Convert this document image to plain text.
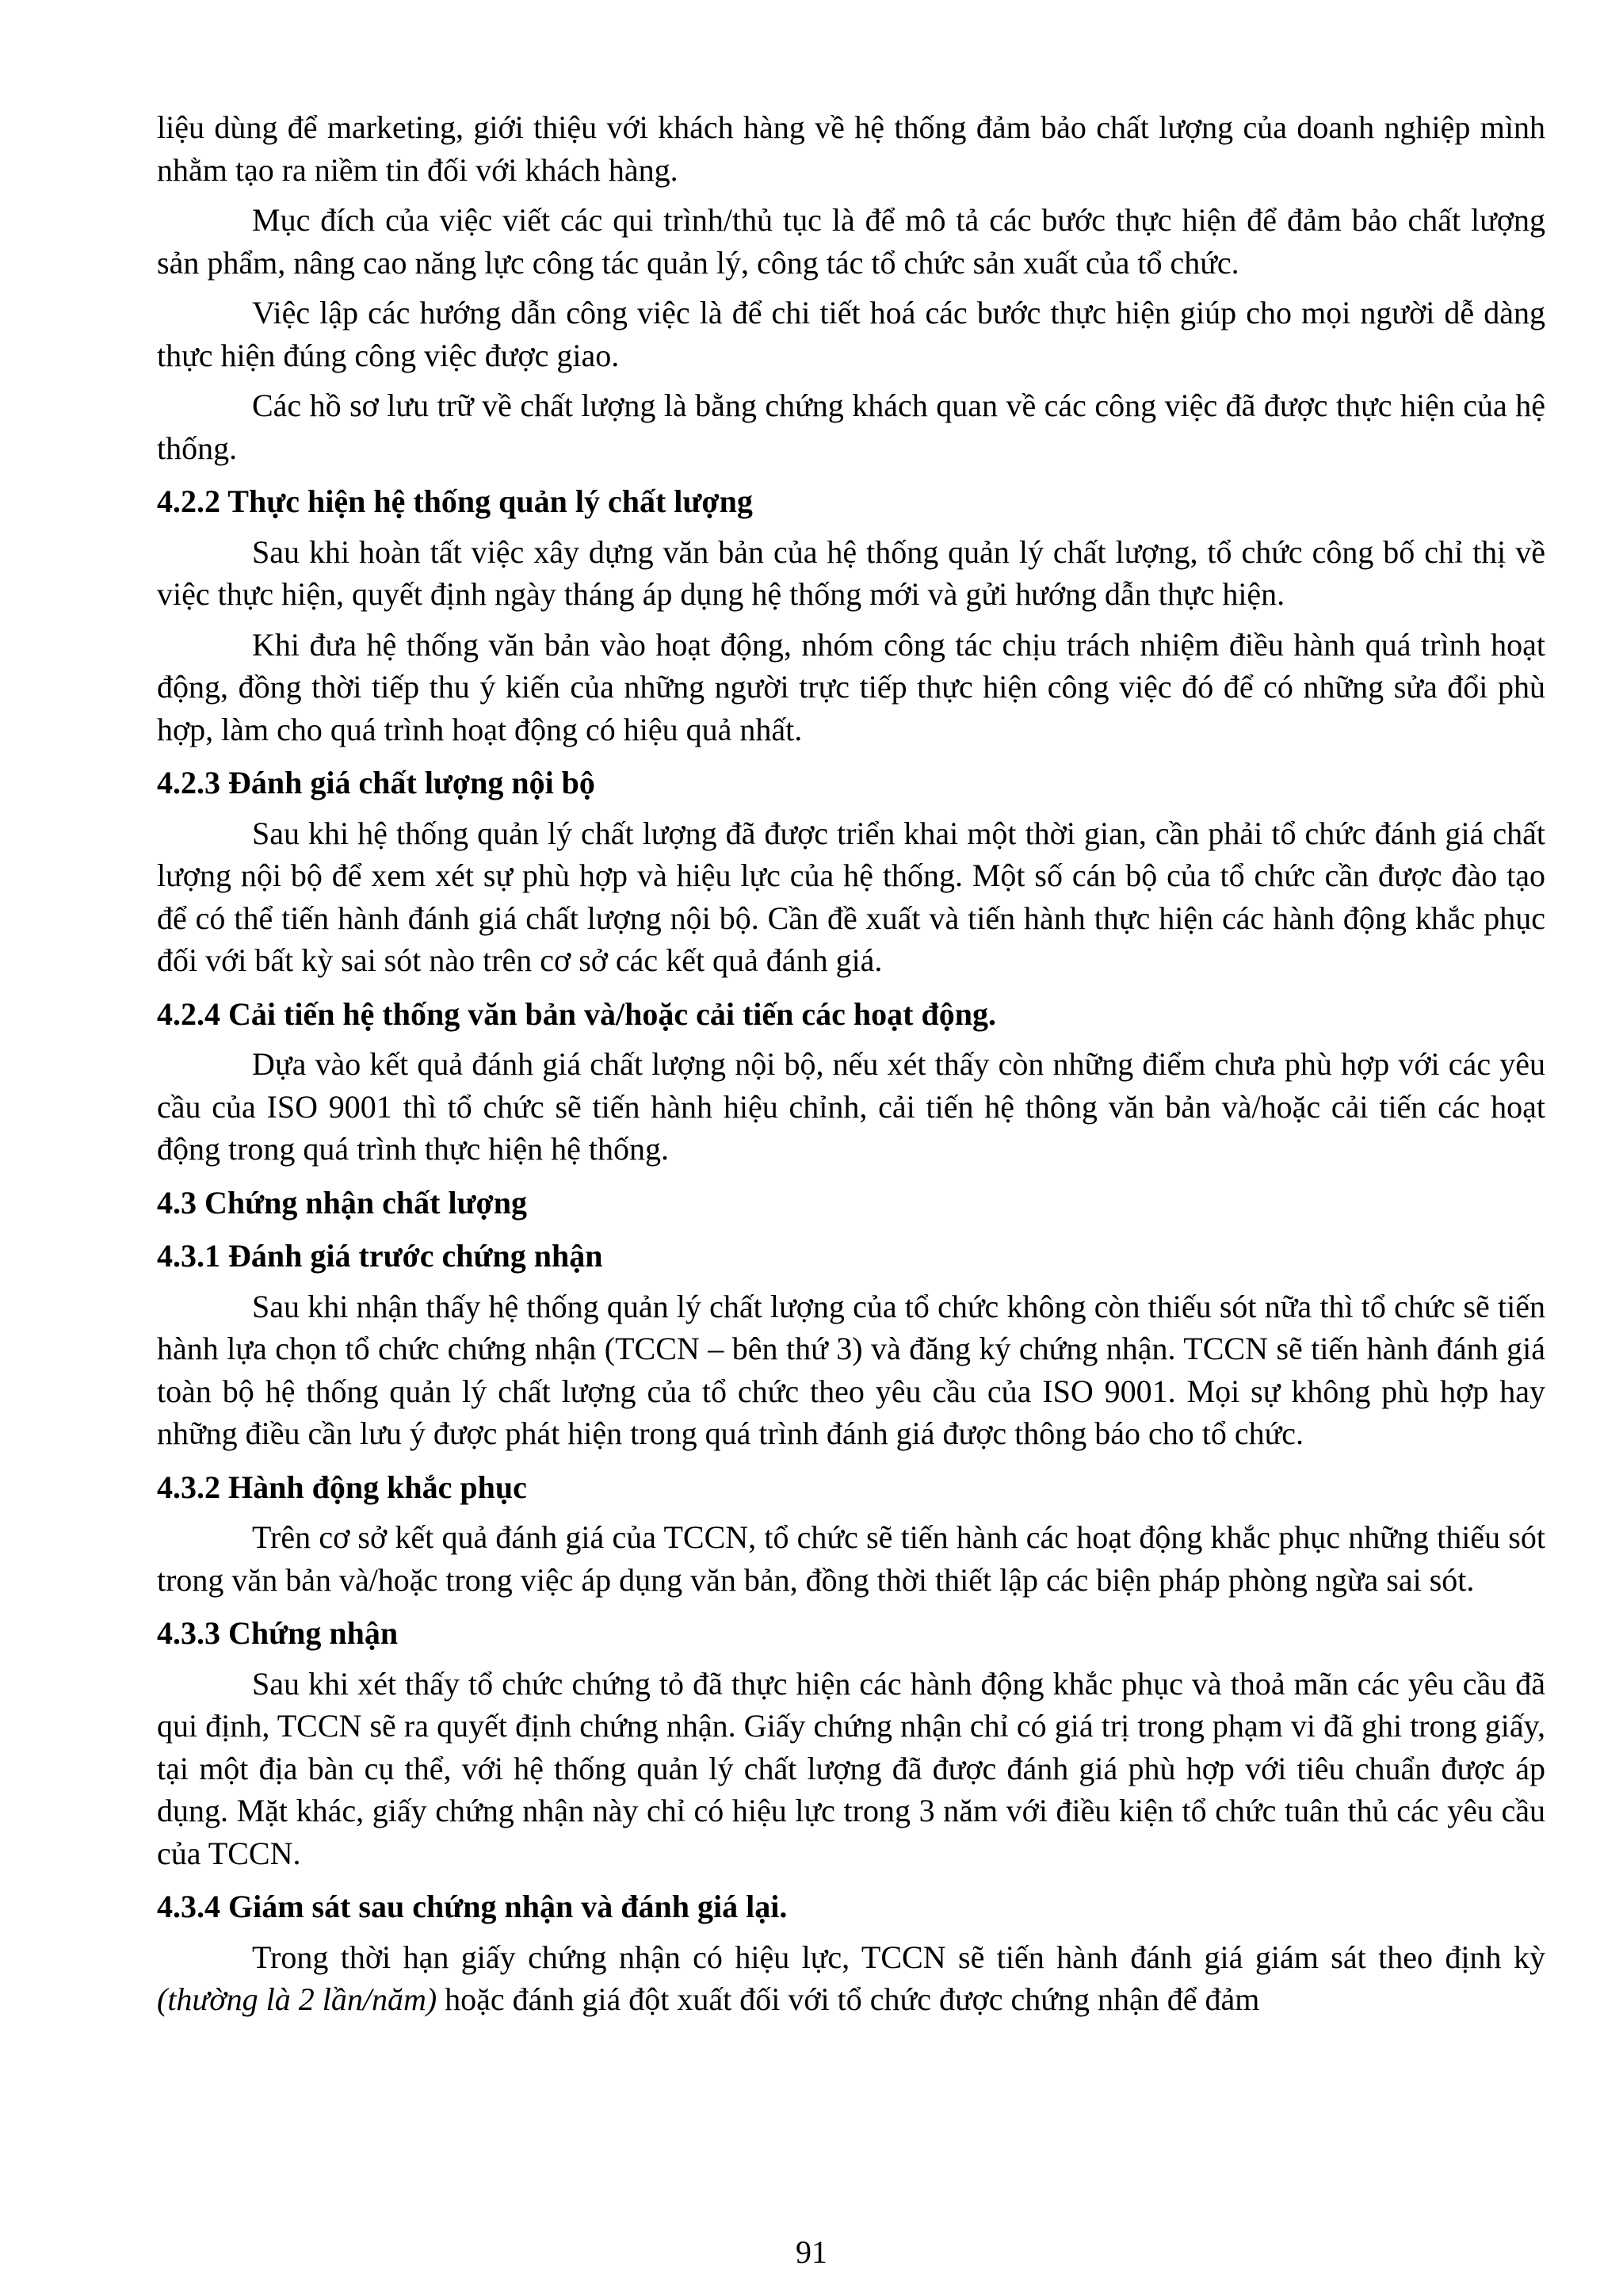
liệu dùng để marketing, giới thiệu với khách hàng về hệ thống đảm bảo chất lượng của doanh nghiệp mình nhằm tạo ra niềm tin đối với khách hàng.

Mục đích của việc viết các qui trình/thủ tục là để mô tả các bước thực hiện để đảm bảo chất lượng sản phẩm, nâng cao năng lực công tác quản lý, công tác tổ chức sản xuất của tổ chức.

Việc lập các hướng dẫn công việc là để chi tiết hoá các bước thực hiện giúp cho mọi người dễ dàng thực hiện đúng công việc được giao.

Các hồ sơ lưu trữ về chất lượng là bằng chứng khách quan về các công việc đã được thực hiện của hệ thống.

4.2.2 Thực hiện hệ thống quản lý chất lượng

Sau khi hoàn tất việc xây dựng văn bản của hệ thống quản lý chất lượng, tổ chức công bố chỉ thị về việc thực hiện, quyết định ngày tháng áp dụng hệ thống mới và gửi hướng dẫn thực hiện.

Khi đưa hệ thống văn bản vào hoạt động, nhóm công tác chịu trách nhiệm điều hành quá trình hoạt động, đồng thời tiếp thu ý kiến của những người trực tiếp thực hiện công việc đó để có những sửa đổi phù hợp, làm cho quá trình hoạt động có hiệu quả nhất.

4.2.3 Đánh giá chất lượng nội bộ

Sau khi hệ thống quản lý chất lượng đã được triển khai một thời gian, cần phải tổ chức đánh giá chất lượng nội bộ để xem xét sự phù hợp và hiệu lực của hệ thống. Một số cán bộ của tổ chức cần được đào tạo để có thể tiến hành đánh giá chất lượng nội bộ. Cần đề xuất và tiến hành thực hiện các hành động khắc phục đối với bất kỳ sai sót nào trên cơ sở các kết quả đánh giá.

4.2.4 Cải tiến hệ thống văn bản và/hoặc cải tiến các hoạt động.

Dựa vào kết quả đánh giá chất lượng nội bộ, nếu xét thấy còn những điểm chưa phù hợp với các yêu cầu của ISO 9001 thì tổ chức sẽ tiến hành hiệu chỉnh, cải tiến hệ thông văn bản và/hoặc cải tiến các hoạt động trong quá trình thực hiện hệ thống.

4.3 Chứng nhận chất lượng
4.3.1 Đánh giá trước chứng nhận

Sau khi nhận thấy hệ thống quản lý chất lượng của tổ chức không còn thiếu sót nữa thì tổ chức sẽ tiến hành lựa chọn tổ chức chứng nhận (TCCN – bên thứ 3) và đăng ký chứng nhận. TCCN sẽ tiến hành đánh giá toàn bộ hệ thống quản lý chất lượng của tổ chức theo yêu cầu của ISO 9001. Mọi sự không phù hợp hay những điều cần lưu ý được phát hiện trong quá trình đánh giá được thông báo cho tổ chức.

4.3.2 Hành động khắc phục

Trên cơ sở kết quả đánh giá của TCCN, tổ chức sẽ tiến hành các hoạt động khắc phục những thiếu sót trong văn bản và/hoặc trong việc áp dụng văn bản, đồng thời thiết lập các biện pháp phòng ngừa sai sót.

4.3.3 Chứng nhận

Sau khi xét thấy tổ chức chứng tỏ đã thực hiện các hành động khắc phục và thoả mãn các yêu cầu đã qui định, TCCN sẽ ra quyết định chứng nhận. Giấy chứng nhận chỉ có giá trị trong phạm vi đã ghi trong giấy, tại một địa bàn cụ thể, với hệ thống quản lý chất lượng đã được đánh giá phù hợp với tiêu chuẩn được áp dụng. Mặt khác, giấy chứng nhận này chỉ có hiệu lực trong 3 năm với điều kiện tổ chức tuân thủ các yêu cầu của TCCN.

4.3.4 Giám sát sau chứng nhận và đánh giá lại.

Trong thời hạn giấy chứng nhận có hiệu lực, TCCN sẽ tiến hành đánh giá giám sát theo định kỳ (thường là 2 lần/năm) hoặc đánh giá đột xuất đối với tổ chức được chứng nhận để đảm

91
